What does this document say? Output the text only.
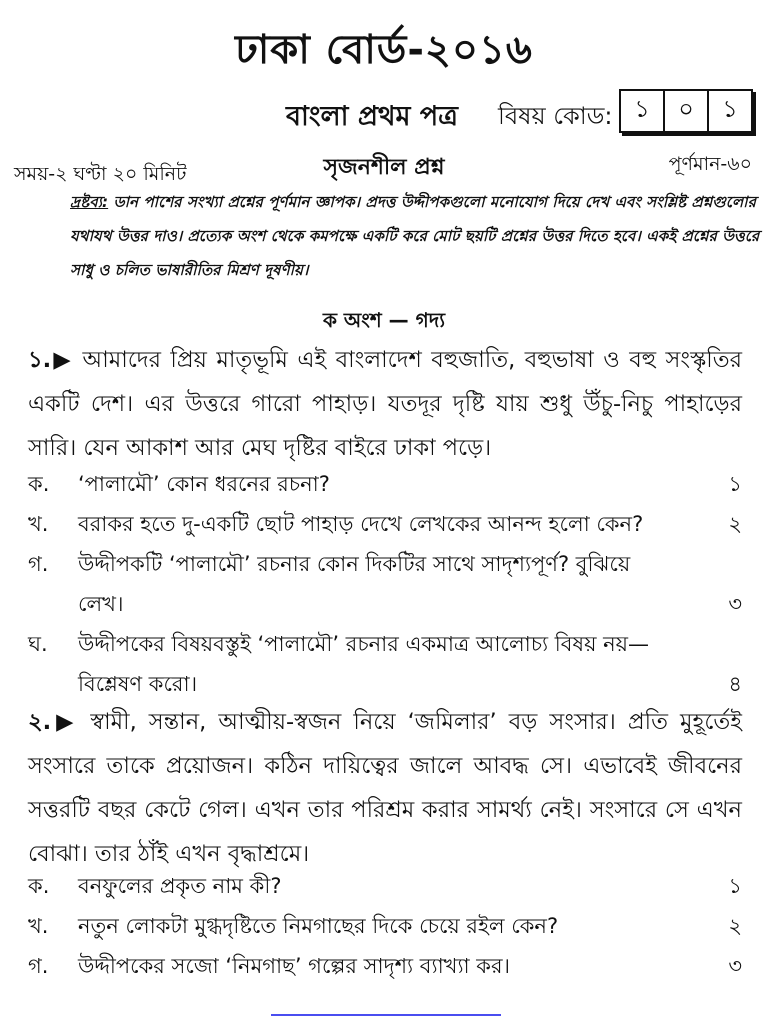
ঢাকা বোর্ড-২০১৬
বাংলা প্রথম পত্র বিষয় কোড: ১	০	১
সৃজনশীল প্রশ্ন
সময়-২ ঘণ্টা ২০ মিনিট	পূর্ণমান-৬০
দ্রষ্টব্য: ডান পাশের সংখ্যা প্রশ্নের পূর্ণমান জ্ঞাপক। প্রদত্ত উদ্দীপকগুলো মনোযোগ দিয়ে দেখ এবং সংশ্লিষ্ট প্রশ্নগুলোর যথাযথ উত্তর দাও। প্রত্যেক অংশ থেকে কমপক্ষে একটি করে মোট ছয়টি প্রশ্নের উত্তর দিতে হবে। একই প্রশ্নের উত্তরে সাধু ও চলিত ভাষারীতির মিশ্রণ দূষণীয়।
ক অংশ — গদ্য
১.▶ আমাদের প্রিয় মাতৃভূমি এই বাংলাদেশ বহুজাতি, বহুভাষা ও বহু সংস্কৃতির একটি দেশ। এর উত্তরে গারো পাহাড়। যতদূর দৃষ্টি যায় শুধু উঁচু-নিচু পাহাড়ের সারি। যেন আকাশ আর মেঘ দৃষ্টির বাইরে ঢাকা পড়ে।
ক.	‘পালামৌ’ কোন ধরনের রচনা?	১
খ.	বরাকর হতে দু-একটি ছোট পাহাড় দেখে লেখকের আনন্দ হলো কেন?	২
গ.	উদ্দীপকটি ‘পালামৌ’ রচনার কোন দিকটির সাথে সাদৃশ্যপূর্ণ? বুঝিয়ে
লেখ।	৩
ঘ.	উদ্দীপকের বিষয়বস্তুই ‘পালামৌ’ রচনার একমাত্র আলোচ্য বিষয় নয়—
বিশ্লেষণ করো।	৪
২.▶ স্বামী, সন্তান, আত্মীয়-স্বজন নিয়ে ‘জমিলার’ বড় সংসার। প্রতি মুহূর্তেই সংসারে তাকে প্রয়োজন। কঠিন দায়িত্বের জালে আবদ্ধ সে। এভাবেই জীবনের সত্তরটি বছর কেটে গেল। এখন তার পরিশ্রম করার সামর্থ্য নেই। সংসারে সে এখন বোঝা। তার ঠাঁই এখন বৃদ্ধাশ্রমে।
ক.	বনফুলের প্রকৃত নাম কী?	১
খ.	নতুন লোকটা মুগ্ধদৃষ্টিতে নিমগাছের দিকে চেয়ে রইল কেন?	২
গ.	উদ্দীপকের সজো ‘নিমগাছ’ গল্পের সাদৃশ্য ব্যাখ্যা কর।	৩
